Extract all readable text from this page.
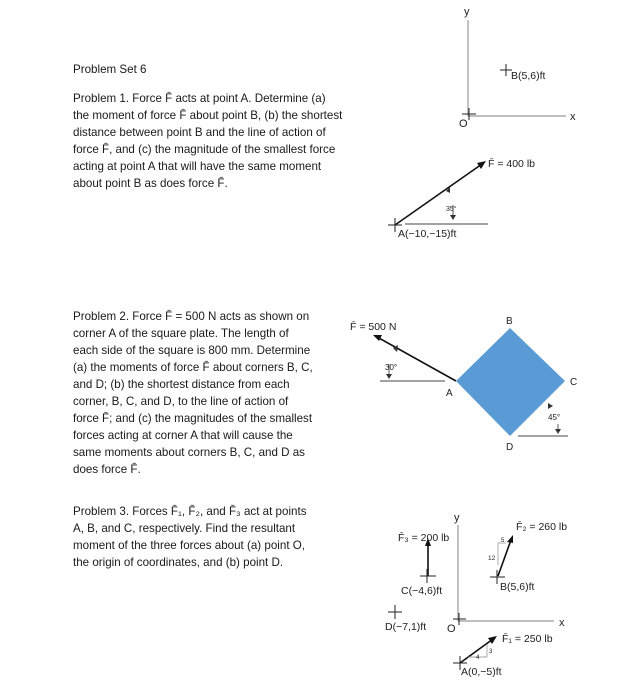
Problem Set 6

Problem 1. Force F̄ acts at point A. Determine (a)

the moment of force F̄ about point B, (b) the shortest

distance between point B and the line of action of

force F̄, and (c) the magnitude of the smallest force

acting at point A that will have the same moment

about point B as does force F̄.

y
x
O
B(5,6)ft
F̄ = 400 lb
35°
A(−10,−15)ft

Problem 2. Force F̄ = 500 N acts as shown on

corner A of the square plate. The length of

each side of the square is 800 mm. Determine

(a) the moments of force F̄ about corners B, C,

and D; (b) the shortest distance from each

corner, B, C, and D, to the line of action of

force F̄; and (c) the magnitudes of the smallest

forces acting at corner A that will cause the

same moments about corners B, C, and D as

does force F̄.

F̄ = 500 N
30°
A
B
C
D
45°

Problem 3. Forces F̄₁, F̄₂, and F̄₃ act at points

A, B, and C, respectively. Find the resultant

moment of the three forces about (a) point O,

the origin of coordinates, and (b) point D.

y
x
O
F̄₃ = 200 lb
C(−4,6)ft
D(−7,1)ft
12
5
F̄₂ = 260 lb
B(5,6)ft
3
4
F̄₁ = 250 lb
A(0,−5)ft
